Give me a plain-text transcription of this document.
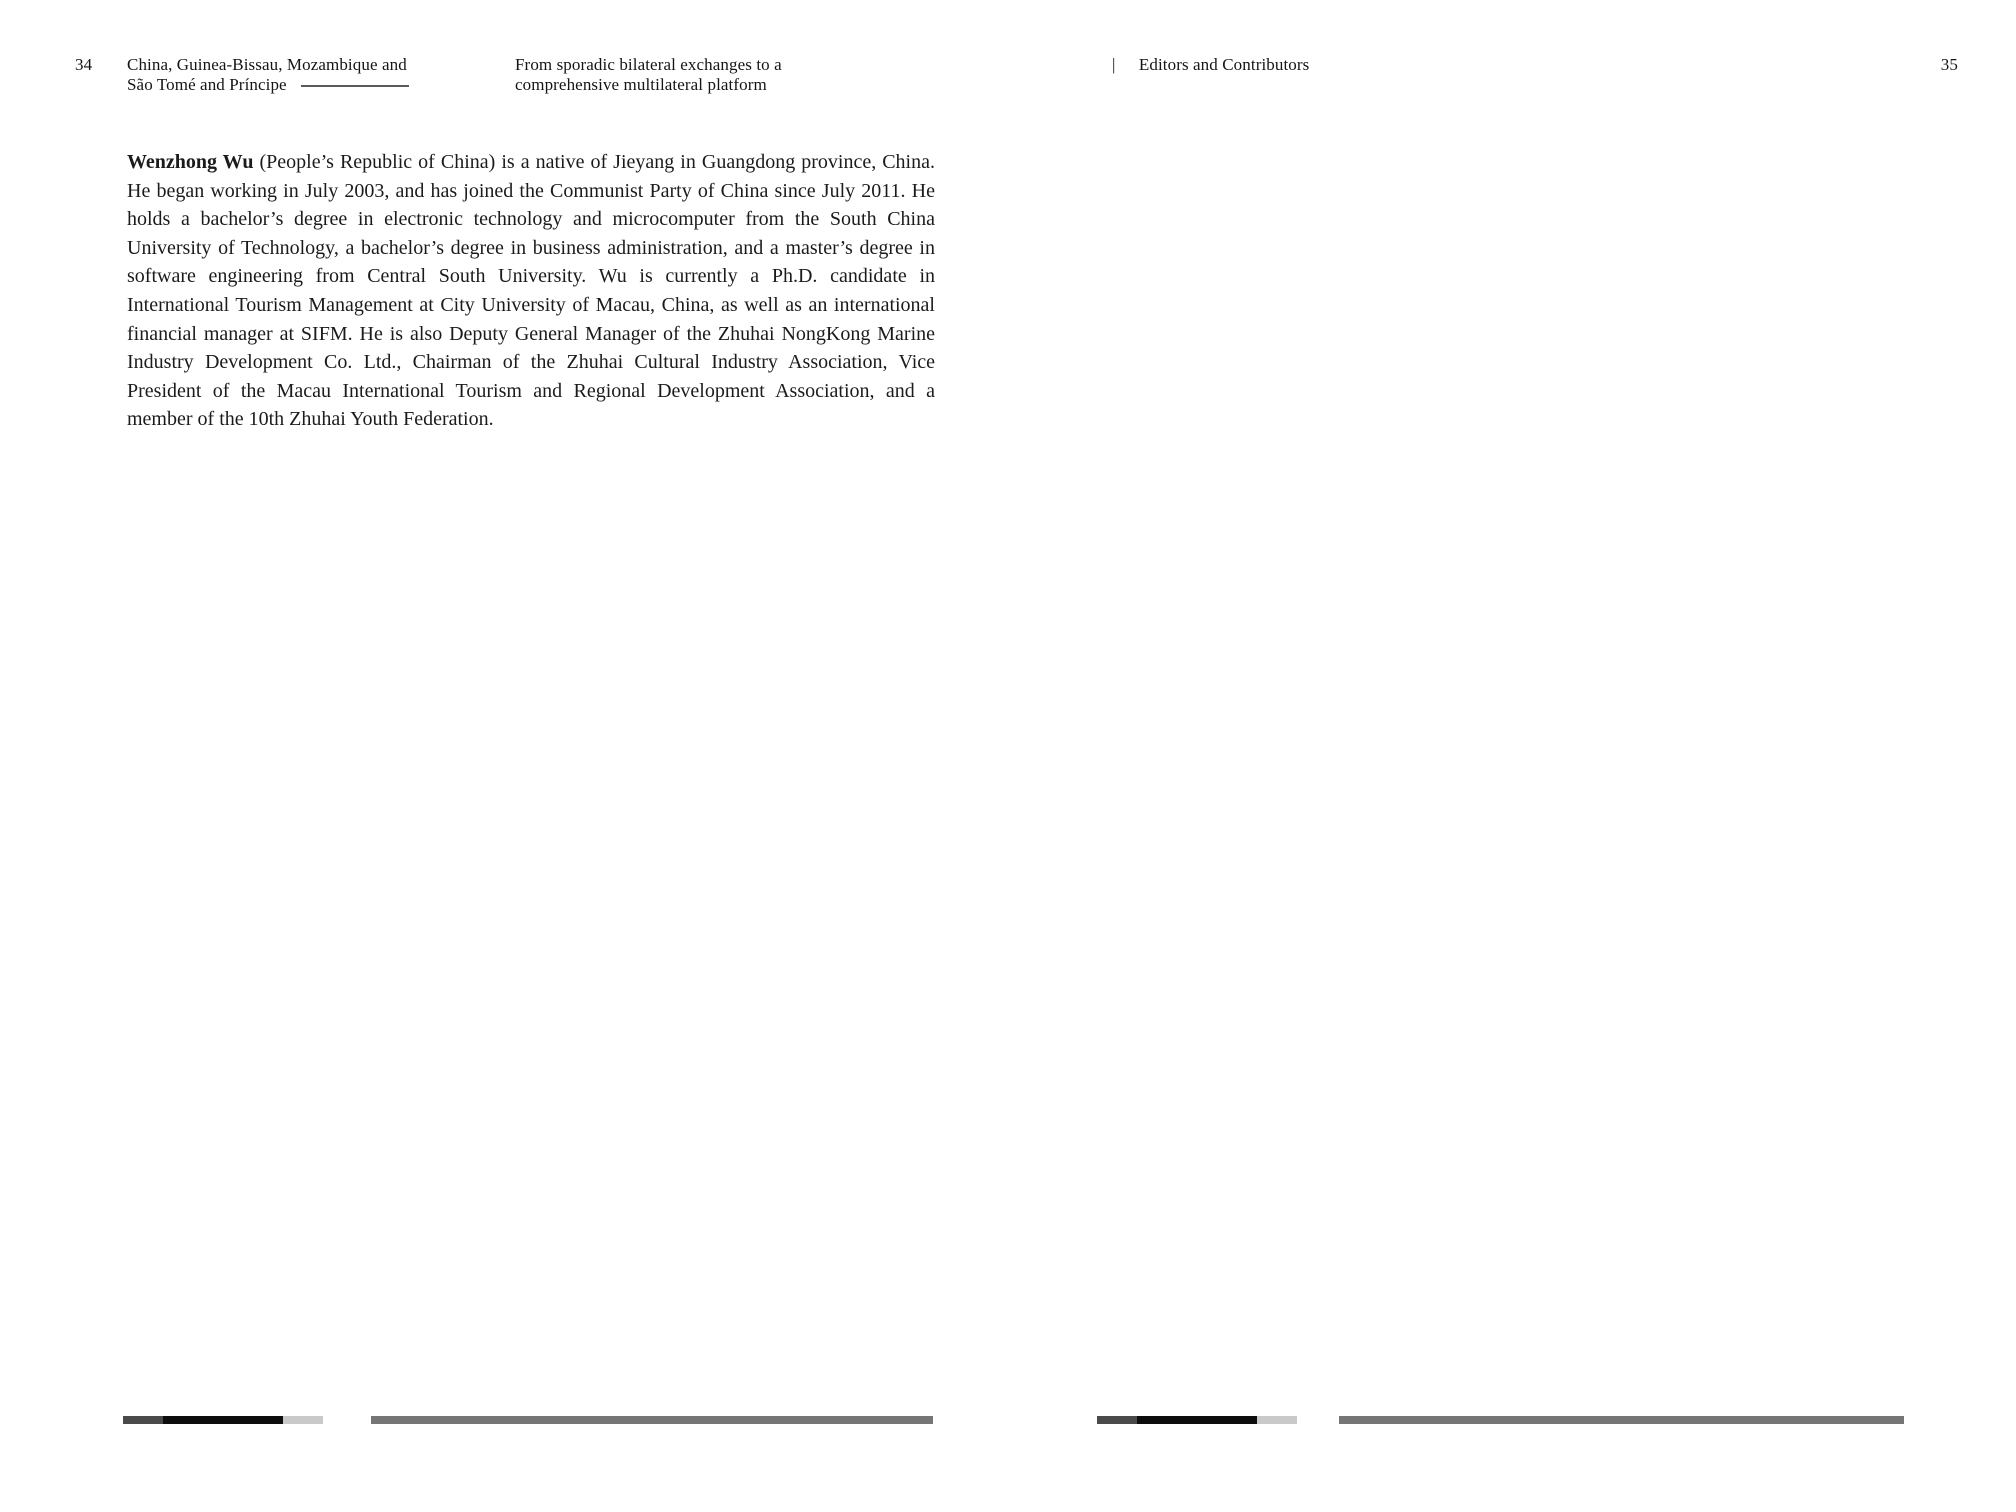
34 China, Guinea-Bissau, Mozambique and
São Tomé and Príncipe
From sporadic bilateral exchanges to a
comprehensive multilateral platform
| Editors and Contributors	35

Wenzhong Wu (People’s Republic of China) is a native of Jieyang in Guangdong province, China. He began working in July 2003, and has joined the Communist Party of China since July 2011. He holds a bachelor’s degree in electronic technology and microcomputer from the South China University of Technology, a bachelor’s degree in business administration, and a master’s degree in software engineering from Central South University. Wu is currently a Ph.D. candidate in International Tourism Management at City University of Macau, China, as well as an international financial manager at SIFM. He is also Deputy General Manager of the Zhuhai NongKong Marine Industry Development Co. Ltd., Chairman of the Zhuhai Cultural Industry Association, Vice President of the Macau International Tourism and Regional Development Association, and a member of the 10th Zhuhai Youth Federation.
